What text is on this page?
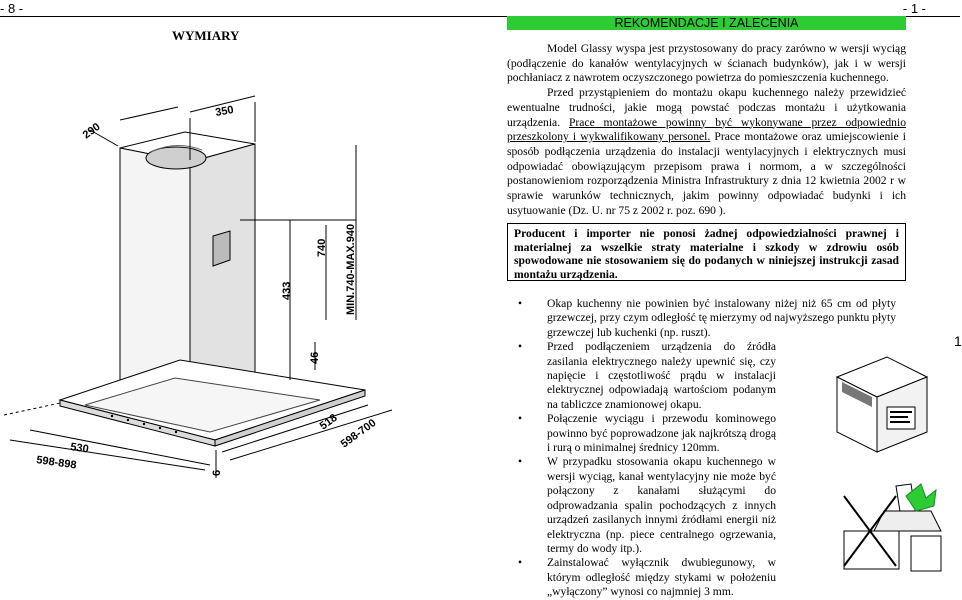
- 8 -	- 1 -
WYMIARY
350
290
740 MIN.740-MAX.940
433
46
518 598-700
530
598-898
6
REKOMENDACJE I ZALECENIA

Model Glassy wyspa jest przystosowany do pracy zarówno w wersji wyciąg (podłączenie do kanałów wentylacyjnych w ścianach budynków), jak i w wersji pochłaniacz z nawrotem oczyszczonego powietrza do pomieszczenia kuchennego.

Przed przystąpieniem do montażu okapu kuchennego należy przewidzieć ewentualne trudności, jakie mogą powstać podczas montażu i użytkowania urządzenia. Prace montażowe powinny być wykonywane przez odpowiednio przeszkolony i wykwalifikowany personel. Prace montażowe oraz umiejscowienie i sposób podłączenia urządzenia do instalacji wentylacyjnych i elektrycznych musi odpowiadać obowiązującym przepisom prawa i normom, a w szczególności postanowieniom rozporządzenia Ministra Infrastruktury z dnia 12 kwietnia 2002 r w sprawie warunków technicznych, jakim powinny odpowiadać budynki i ich usytuowanie (Dz. U. nr 75 z 2002 r. poz. 690 ).

Producent i importer nie ponosi żadnej odpowiedzialności prawnej i materialnej za wszelkie straty materialne i szkody w zdrowiu osób spowodowane nie stosowaniem się do podanych w niniejszej instrukcji zasad montażu urządzenia.
• Okap kuchenny nie powinien być instalowany niżej niż 65 cm od płyty grzewczej, przy czym odległość tę mierzymy od najwyższego punktu płyty grzewczej lub kuchenki (np. ruszt).
• Przed podłączeniem urządzenia do źródła zasilania elektrycznego należy upewnić się, czy napięcie i częstotliwość prądu w instalacji elektrycznej odpowiadają wartościom podanym na tabliczce znamionowej okapu.
• Połączenie wyciągu i przewodu kominowego powinno być poprowadzone jak najkrótszą drogą i rurą o minimalnej średnicy 120mm.
• W przypadku stosowania okapu kuchennego w wersji wyciąg, kanał wentylacyjny nie może być połączony z kanałami służącymi do odprowadzania spalin pochodzących z innych urządzeń zasilanych innymi źródłami energii niż elektryczna (np. piece centralnego ogrzewania, termy do wody itp.).
• Zainstalować wyłącznik dwubiegunowy, w którym odległość między stykami w położeniu „wyłączony” wynosi co najmniej 3 mm.
1
